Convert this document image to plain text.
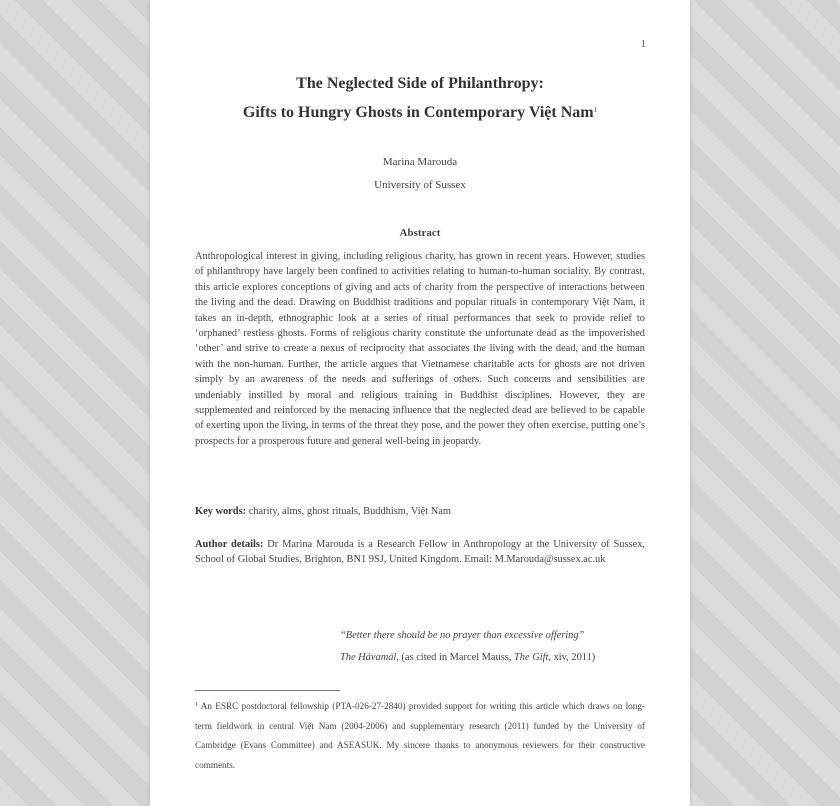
1
The Neglected Side of Philanthropy:
Gifts to Hungry Ghosts in Contemporary Việt Nam$^1$
Marina Marouda
University of Sussex
Abstract
Anthropological interest in giving, including religious charity, has grown in recent years. However, studies of philanthropy have largely been confined to activities relating to human-to-human sociality. By contrast, this article explores conceptions of giving and acts of charity from the perspective of interactions between the living and the dead. Drawing on Buddhist traditions and popular rituals in contemporary Việt Nam, it takes an in-depth, ethnographic look at a series of ritual performances that seek to provide relief to ‘orphaned’ restless ghosts. Forms of religious charity constitute the unfortunate dead as the impoverished ‘other’ and strive to create a nexus of reciprocity that associates the living with the dead, and the human with the non-human. Further, the article argues that Vietnamese charitable acts for ghosts are not driven simply by an awareness of the needs and sufferings of others. Such concerns and sensibilities are undeniably instilled by moral and religious training in Buddhist disciplines. However, they are supplemented and reinforced by the menacing influence that the neglected dead are believed to be capable of exerting upon the living, in terms of the threat they pose, and the power they often exercise, putting one’s prospects for a prosperous future and general well-being in jeopardy.
Key words: charity, alms, ghost rituals, Buddhism, Việt Nam
Author details: Dr Marina Marouda is a Research Fellow in Anthropology at the University of Sussex, School of Global Studies, Brighton, BN1 9SJ, United Kingdom. Email: M.Marouda@sussex.ac.uk
“Better there should be no prayer than excessive offering”
The Hávamál, (as cited in Marcel Mauss, The Gift, xiv, 2011)
$^1$ An ESRC postdoctoral fellowship (PTA-026-27-2840) provided support for writing this article which draws on long-term fieldwork in central Việt Nam (2004-2006) and supplementary research (2011) funded by the University of Cambridge (Evans Committee) and ASEASUK. My sincere thanks to anonymous reviewers for their constructive comments.
